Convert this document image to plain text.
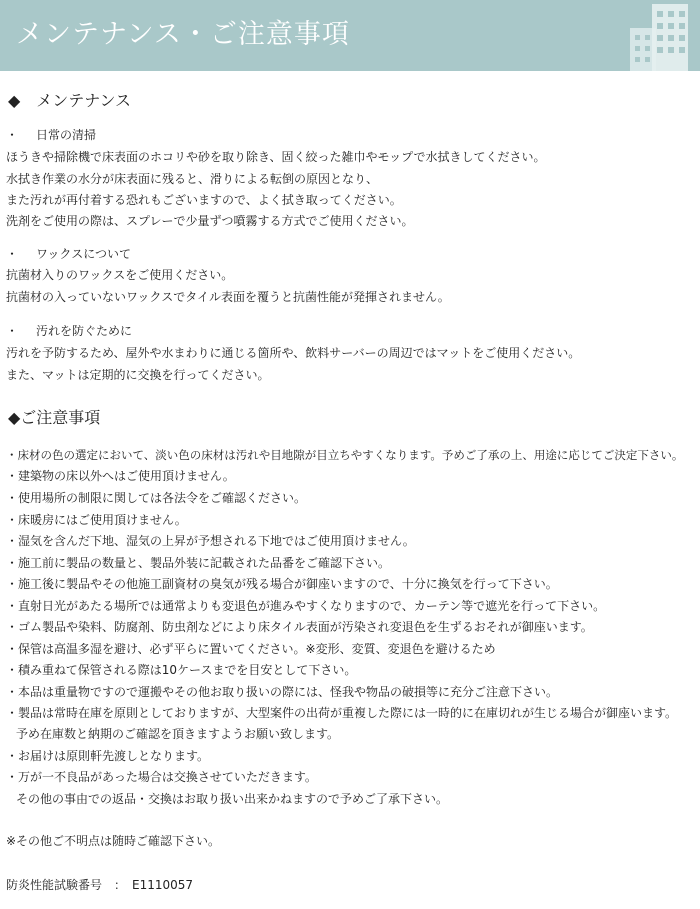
メンテナンス・ご注意事項
◆　メンテナンス
・ 日常の清掃
ほうきや掃除機で床表面のホコリや砂を取り除き、固く絞った雑巾やモップで水拭きしてください。
水拭き作業の水分が床表面に残ると、滑りによる転倒の原因となり、
また汚れが再付着する恐れもございますので、よく拭き取ってください。
洗剤をご使用の際は、スプレーで少量ずつ噴霧する方式でご使用ください。
・ ワックスについて
抗菌材入りのワックスをご使用ください。
抗菌材の入っていないワックスでタイル表面を覆うと抗菌性能が発揮されません。
・ 汚れを防ぐために
汚れを予防するため、屋外や水まわりに通じる箇所や、飲料サーバーの周辺ではマットをご使用ください。
また、マットは定期的に交換を行ってください。
◆ご注意事項
・床材の色の選定において、淡い色の床材は汚れや目地隙が目立ちやすくなります。予めご了承の上、用途に応じてご決定下さい。
・建築物の床以外へはご使用頂けません。
・使用場所の制限に関しては各法令をご確認ください。
・床暖房にはご使用頂けません。
・湿気を含んだ下地、湿気の上昇が予想される下地ではご使用頂けません。
・施工前に製品の数量と、製品外装に記載された品番をご確認下さい。
・施工後に製品やその他施工副資材の臭気が残る場合が御座いますので、十分に換気を行って下さい。
・直射日光があたる場所では通常よりも変退色が進みやすくなりますので、カーテン等で遮光を行って下さい。
・ゴム製品や染料、防腐剤、防虫剤などにより床タイル表面が汚染され変退色を生ずるおそれが御座います。
・保管は高温多湿を避け、必ず平らに置いてください。※変形、変質、変退色を避けるため
・積み重ねて保管される際は10ケースまでを目安として下さい。
・本品は重量物ですので運搬やその他お取り扱いの際には、怪我や物品の破損等に充分ご注意下さい。
・製品は常時在庫を原則としておりますが、大型案件の出荷が重複した際には一時的に在庫切れが生じる場合が御座います。
予め在庫数と納期のご確認を頂きますようお願い致します。
・お届けは原則軒先渡しとなります。
・万が一不良品があった場合は交換させていただきます。
その他の事由での返品・交換はお取り扱い出来かねますので予めご了承下さい。
※その他ご不明点は随時ご確認下さい。
防炎性能試験番号　：　 E1110057
